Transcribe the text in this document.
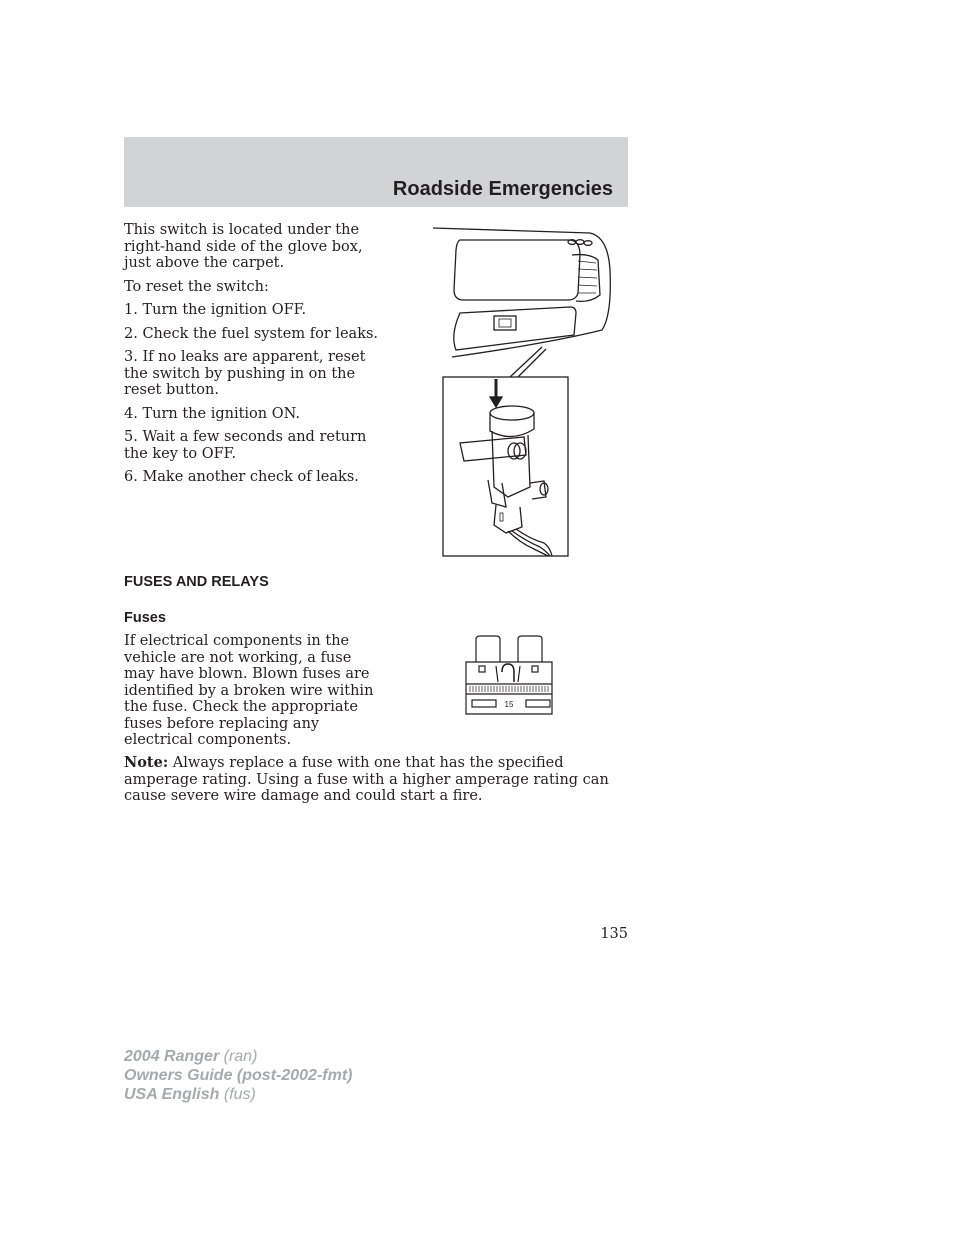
Roadside Emergencies

This switch is located under the right-hand side of the glove box, just above the carpet.

To reset the switch:

1. Turn the ignition OFF.
2. Check the fuel system for leaks.
3. If no leaks are apparent, reset the switch by pushing in on the reset button.
4. Turn the ignition ON.
5. Wait a few seconds and return the key to OFF.
6. Make another check of leaks.
FUSES AND RELAYS
Fuses

If electrical components in the vehicle are not working, a fuse may have blown. Blown fuses are identified by a broken wire within the fuse. Check the appropriate fuses before replacing any electrical components.

15

Note: Always replace a fuse with one that has the specified amperage rating. Using a fuse with a higher amperage rating can cause severe wire damage and could start a fire.

135
2004 Ranger (ran)
Owners Guide (post-2002-fmt)
USA English (fus)
